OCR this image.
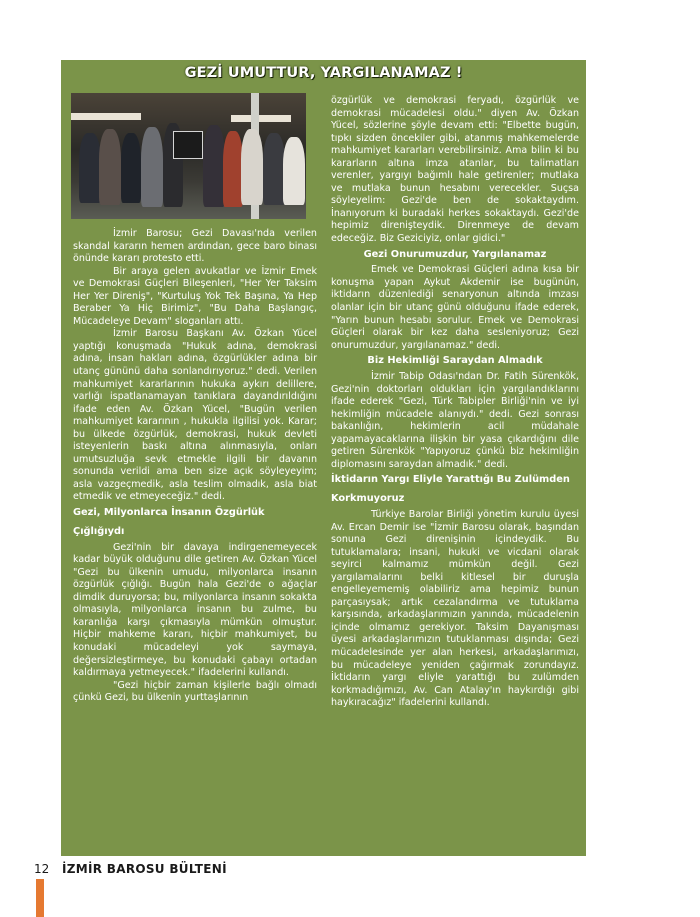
GEZİ UMUTTUR, YARGILANAMAZ !

İzmir Barosu; Gezi Davası'nda verilen skandal kararın hemen ardından, gece baro binası önünde kararı protesto etti.

Bir araya gelen avukatlar ve İzmir Emek ve Demokrasi Güçleri Bileşenleri, "Her Yer Taksim Her Yer Direniş", "Kurtuluş Yok Tek Başına, Ya Hep Beraber Ya Hiç Birimiz", "Bu Daha Başlangıç, Mücadeleye Devam" sloganları attı.

İzmir Barosu Başkanı Av. Özkan Yücel yaptığı konuşmada "Hukuk adına, demokrasi adına, insan hakları adına, özgürlükler adına bir utanç gününü daha sonlandırıyoruz." dedi. Verilen mahkumiyet kararlarının hukuka aykırı delillere, varlığı ispatlanamayan tanıklara dayandırıldığını ifade eden Av. Özkan Yücel, "Bugün verilen mahkumiyet kararının , hukukla ilgilisi yok. Karar; bu ülkede özgürlük, demokrasi, hukuk devleti isteyenlerin baskı altına alınmasıyla, onları umutsuzluğa sevk etmekle ilgili bir davanın sonunda verildi ama ben size açık söyleyeyim; asla vazgeçmedik, asla teslim olmadık, asla biat etmedik ve etmeyeceğiz." dedi.

Gezi, Milyonlarca İnsanın Özgürlük Çığlığıydı

Gezi'nin bir davaya indirgenemeyecek kadar büyük olduğunu dile getiren Av. Özkan Yücel "Gezi bu ülkenin umudu, milyonlarca insanın özgürlük çığlığı. Bugün hala Gezi'de o ağaçlar dimdik duruyorsa; bu, milyonlarca insanın sokakta olmasıyla, milyonlarca insanın bu zulme, bu karanlığa karşı çıkmasıyla mümkün olmuştur. Hiçbir mahkeme kararı, hiçbir mahkumiyet, bu konudaki mücadeleyi yok saymaya, değersizleştirmeye, bu konudaki çabayı ortadan kaldırmaya yetmeyecek." ifadelerini kullandı.

"Gezi hiçbir zaman kişilerle bağlı olmadı çünkü Gezi, bu ülkenin yurttaşlarının

özgürlük ve demokrasi feryadı, özgürlük ve demokrasi mücadelesi oldu." diyen Av. Özkan Yücel, sözlerine şöyle devam etti: "Elbette bugün, tıpkı sizden öncekiler gibi, atanmış mahkemelerde mahkumiyet kararları verebilirsiniz. Ama bilin ki bu kararların altına imza atanlar, bu talimatları verenler, yargıyı bağımlı hale getirenler; mutlaka ve mutlaka bunun hesabını verecekler. Suçsa söyleyelim: Gezi'de ben de sokaktaydım. İnanıyorum ki buradaki herkes sokaktaydı. Gezi'de hepimiz direnişteydik. Direnmeye de devam edeceğiz. Biz Geziciyiz, onlar gidici."

Gezi Onurumuzdur, Yargılanamaz

Emek ve Demokrasi Güçleri adına kısa bir konuşma yapan Aykut Akdemir ise bugünün, iktidarın düzenlediği senaryonun altında imzası olanlar için bir utanç günü olduğunu ifade ederek, "Yarın bunun hesabı sorulur. Emek ve Demokrasi Güçleri olarak bir kez daha sesleniyoruz; Gezi onurumuzdur, yargılanamaz." dedi.

Biz Hekimliği Saraydan Almadık

İzmir Tabip Odası'ndan Dr. Fatih Sürenkök, Gezi'nin doktorları oldukları için yargılandıklarını ifade ederek "Gezi, Türk Tabipler Birliği'nin ve iyi hekimliğin mücadele alanıydı." dedi. Gezi sonrası bakanlığın, hekimlerin acil müdahale yapamayacaklarına ilişkin bir yasa çıkardığını dile getiren Sürenkök "Yapıyoruz çünkü biz hekimliğin diplomasını saraydan almadık." dedi.

İktidarın Yargı Eliyle Yarattığı Bu Zulümden Korkmuyoruz

Türkiye Barolar Birliği yönetim kurulu üyesi Av. Ercan Demir ise "İzmir Barosu olarak, başından sonuna Gezi direnişinin içindeydik. Bu tutuklamalara; insani, hukuki ve vicdani olarak seyirci kalmamız mümkün değil. Gezi yargılamalarını belki kitlesel bir duruşla engelleyememiş olabiliriz ama hepimiz bunun parçasıysak; artık cezalandırma ve tutuklama karşısında, arkadaşlarımızın yanında, mücadelenin içinde olmamız gerekiyor. Taksim Dayanışması üyesi arkadaşlarımızın tutuklanması dışında; Gezi mücadelesinde yer alan herkesi, arkadaşlarımızı, bu mücadeleye yeniden çağırmak zorundayız. İktidarın yargı eliyle yarattığı bu zulümden korkmadığımızı, Av. Can Atalay'ın haykırdığı gibi haykıracağız" ifadelerini kullandı.

12 İZMİR BAROSU BÜLTENİ
